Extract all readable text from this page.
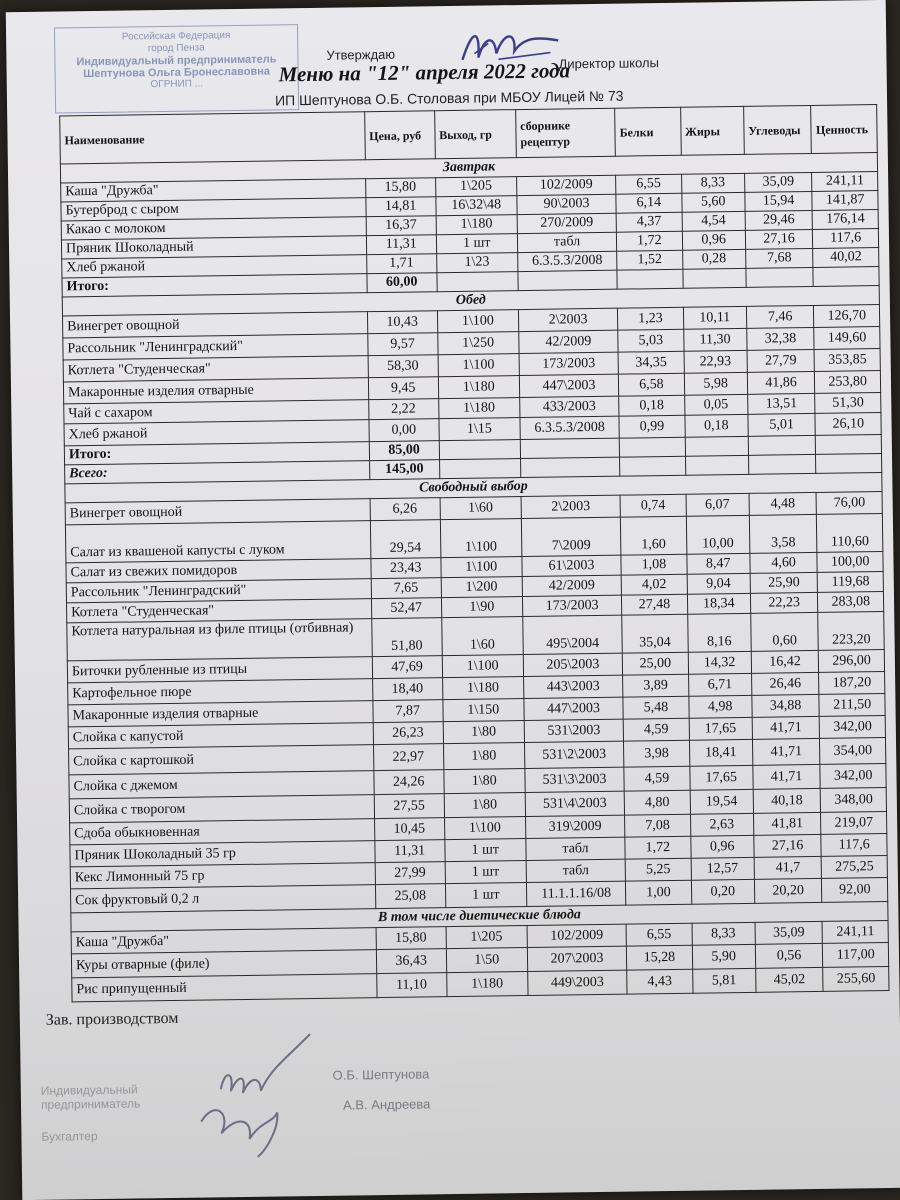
Российская Федерация
город Пенза
Индивидуальный предприниматель
Шептунова Ольга Бронеславовна
ОГРНИП ...
Утверждаю
Директор школы
Меню на "12" апреля 2022 года
ИП Шептунова О.Б. Столовая при МБОУ Лицей № 73
Наименование	Цена, руб	Выход, гр	сборнике рецептур	Белки	Жиры	Углеводы	Ценность
Завтрак							
Каша "Дружба"	15,80	1\205	102/2009	6,55	8,33	35,09	241,11
Бутерброд с сыром	14,81	16\32\48	90\2003	6,14	5,60	15,94	141,87
Какао с молоком	16,37	1\180	270/2009	4,37	4,54	29,46	176,14
Пряник Шоколадный	11,31	1 шт	табл	1,72	0,96	27,16	117,6
Хлеб ржаной	1,71	1\23	6.3.5.3/2008	1,52	0,28	7,68	40,02
Итого:	60,00						
Обед							
Винегрет овощной	10,43	1\100	2\2003	1,23	10,11	7,46	126,70
Рассольник "Ленинградский"	9,57	1\250	42/2009	5,03	11,30	32,38	149,60
Котлета "Студенческая"	58,30	1\100	173/2003	34,35	22,93	27,79	353,85
Макаронные изделия отварные	9,45	1\180	447\2003	6,58	5,98	41,86	253,80
Чай с сахаром	2,22	1\180	433/2003	0,18	0,05	13,51	51,30
Хлеб ржаной	0,00	1\15	6.3.5.3/2008	0,99	0,18	5,01	26,10
Итого:	85,00						
Всего:	145,00						
Свободный выбор							
Винегрет овощной	6,26	1\60	2\2003	0,74	6,07	4,48	76,00
Салат из квашеной капусты с луком	29,54	1\100	7\2009	1,60	10,00	3,58	110,60
Салат из свежих помидоров	23,43	1\100	61\2003	1,08	8,47	4,60	100,00
Рассольник "Ленинградский"	7,65	1\200	42/2009	4,02	9,04	25,90	119,68
Котлета "Студенческая"	52,47	1\90	173/2003	27,48	18,34	22,23	283,08
Котлета натуральная из филе птицы (отбивная)	51,80	1\60	495\2004	35,04	8,16	0,60	223,20
Биточки рубленные из птицы	47,69	1\100	205\2003	25,00	14,32	16,42	296,00
Картофельное пюре	18,40	1\180	443\2003	3,89	6,71	26,46	187,20
Макаронные изделия отварные	7,87	1\150	447\2003	5,48	4,98	34,88	211,50
Слойка с капустой	26,23	1\80	531\2003	4,59	17,65	41,71	342,00
Слойка с картошкой	22,97	1\80	531\2\2003	3,98	18,41	41,71	354,00
Слойка с джемом	24,26	1\80	531\3\2003	4,59	17,65	41,71	342,00
Слойка с творогом	27,55	1\80	531\4\2003	4,80	19,54	40,18	348,00
Сдоба обыкновенная	10,45	1\100	319\2009	7,08	2,63	41,81	219,07
Пряник Шоколадный 35 гр	11,31	1 шт	табл	1,72	0,96	27,16	117,6
Кекс Лимонный 75 гр	27,99	1 шт	табл	5,25	12,57	41,7	275,25
Сок фруктовый 0,2 л	25,08	1 шт	11.1.1.16/08	1,00	0,20	20,20	92,00
В том числе диетические блюда							
Каша "Дружба"	15,80	1\205	102/2009	6,55	8,33	35,09	241,11
Куры отварные (филе)	36,43	1\50	207\2003	15,28	5,90	0,56	117,00
Рис припущенный	11,10	1\180	449\2003	4,43	5,81	45,02	255,60
Зав. производством
Индивидуальный
предприниматель
Бухгалтер
О.Б. Шептунова
А.В. Андреева
